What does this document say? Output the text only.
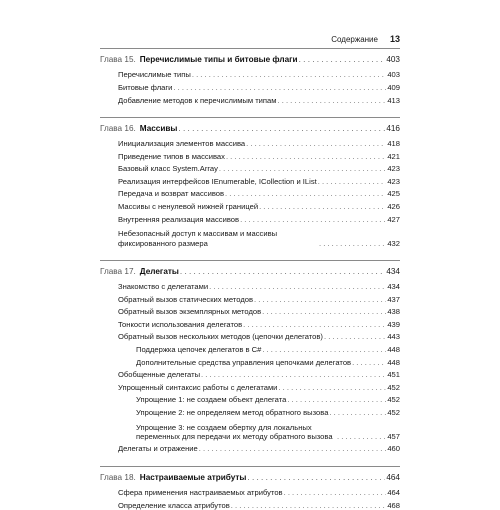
Содержание 13
Глава 15. Перечислимые типы и битовые флаги . . .	403
Перечислимые типы . . .	403
Битовые флаги . . .	409
Добавление методов к перечислимым типам . . .	413
Глава 16. Массивы . . .	416
Инициализация элементов массива . . .	418
Приведение типов в массивах . . .	421
Базовый класс System.Array . . .	423
Реализация интерфейсов IEnumerable, ICollection и IList . . .	423
Передача и возврат массивов . . .	425
Массивы с ненулевой нижней границей . . .	426
Внутренняя реализация массивов . . .	427
Небезопасный доступ к массивам и массивы фиксированного размера . . .	432
Глава 17. Делегаты . . .	434
Знакомство с делегатами . . .	434
Обратный вызов статических методов . . .	437
Обратный вызов экземплярных методов . . .	438
Тонкости использования делегатов . . .	439
Обратный вызов нескольких методов (цепочки делегатов) . . .	443
Поддержка цепочек делегатов в C# . . .	448
Дополнительные средства управления цепочками делегатов . . .	448
Обобщенные делегаты . . .	451
Упрощенный синтаксис работы с делегатами . . .	452
Упрощение 1: не создаем объект делегата . . .	452
Упрощение 2: не определяем метод обратного вызова . . .	452
Упрощение 3: не создаем обертку для локальных переменных для передачи их методу обратного вызова . . .	457
Делегаты и отражение . . .	460
Глава 18. Настраиваемые атрибуты . . .	464
Сфера применения настраиваемых атрибутов . . .	464
Определение класса атрибутов . . .	468
